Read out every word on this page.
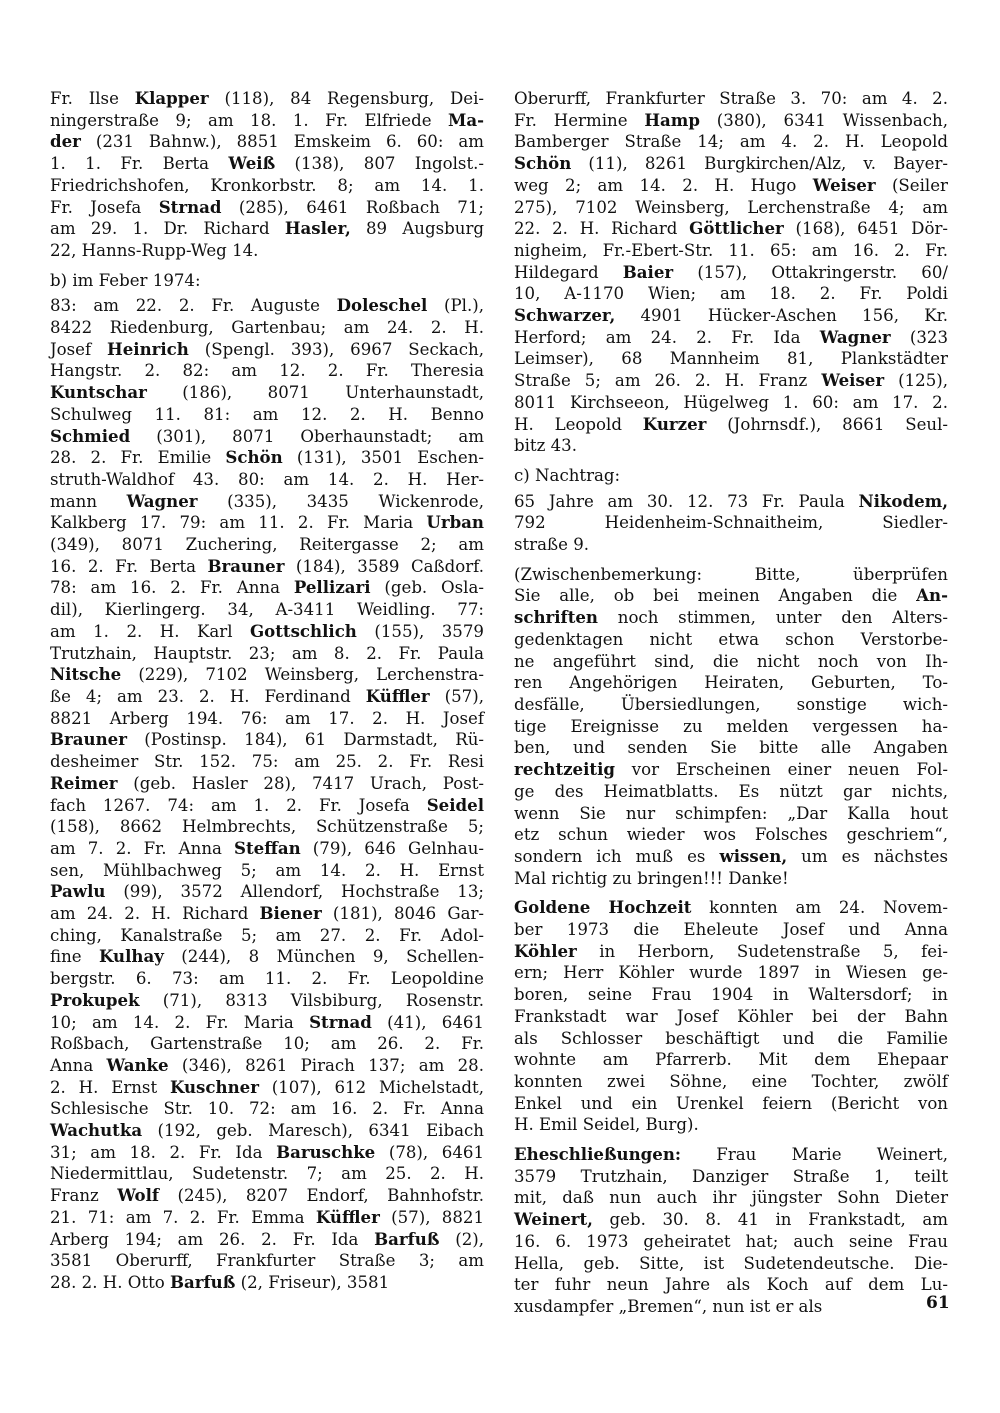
Fr. Ilse Klapper (118), 84 Regensburg, Dei-
ningerstraße 9; am 18. 1. Fr. Elfriede Ma-
der (231 Bahnw.), 8851 Emskeim 6. 60: am
1. 1. Fr. Berta Weiß (138), 807 Ingolst.-
Friedrichshofen, Kronkorbstr. 8; am 14. 1.
Fr. Josefa Strnad (285), 6461 Roßbach 71;
am 29. 1. Dr. Richard Hasler, 89 Augsburg
22, Hanns-Rupp-Weg 14.

b) im Feber 1974:

83: am 22. 2. Fr. Auguste Doleschel (Pl.),
8422 Riedenburg, Gartenbau; am 24. 2. H.
Josef Heinrich (Spengl. 393), 6967 Seckach,
Hangstr. 2. 82: am 12. 2. Fr. Theresia
Kuntschar (186), 8071 Unterhaunstadt,
Schulweg 11. 81: am 12. 2. H. Benno
Schmied (301), 8071 Oberhaunstadt; am
28. 2. Fr. Emilie Schön (131), 3501 Eschen-
struth-Waldhof 43. 80: am 14. 2. H. Her-
mann Wagner (335), 3435 Wickenrode,
Kalkberg 17. 79: am 11. 2. Fr. Maria Urban
(349), 8071 Zuchering, Reitergasse 2; am
16. 2. Fr. Berta Brauner (184), 3589 Caßdorf.
78: am 16. 2. Fr. Anna Pellizari (geb. Osla-
dil), Kierlingerg. 34, A-3411 Weidling. 77:
am 1. 2. H. Karl Gottschlich (155), 3579
Trutzhain, Hauptstr. 23; am 8. 2. Fr. Paula
Nitsche (229), 7102 Weinsberg, Lerchenstra-
ße 4; am 23. 2. H. Ferdinand Küffler (57),
8821 Arberg 194. 76: am 17. 2. H. Josef
Brauner (Postinsp. 184), 61 Darmstadt, Rü-
desheimer Str. 152. 75: am 25. 2. Fr. Resi
Reimer (geb. Hasler 28), 7417 Urach, Post-
fach 1267. 74: am 1. 2. Fr. Josefa Seidel
(158), 8662 Helmbrechts, Schützenstraße 5;
am 7. 2. Fr. Anna Steffan (79), 646 Gelnhau-
sen, Mühlbachweg 5; am 14. 2. H. Ernst
Pawlu (99), 3572 Allendorf, Hochstraße 13;
am 24. 2. H. Richard Biener (181), 8046 Gar-
ching, Kanalstraße 5; am 27. 2. Fr. Adol-
fine Kulhay (244), 8 München 9, Schellen-
bergstr. 6. 73: am 11. 2. Fr. Leopoldine
Prokupek (71), 8313 Vilsbiburg, Rosenstr.
10; am 14. 2. Fr. Maria Strnad (41), 6461
Roßbach, Gartenstraße 10; am 26. 2. Fr.
Anna Wanke (346), 8261 Pirach 137; am 28.
2. H. Ernst Kuschner (107), 612 Michelstadt,
Schlesische Str. 10. 72: am 16. 2. Fr. Anna
Wachutka (192, geb. Maresch), 6341 Eibach
31; am 18. 2. Fr. Ida Baruschke (78), 6461
Niedermittlau, Sudetenstr. 7; am 25. 2. H.
Franz Wolf (245), 8207 Endorf, Bahnhofstr.
21. 71: am 7. 2. Fr. Emma Küffler (57), 8821
Arberg 194; am 26. 2. Fr. Ida Barfuß (2),
3581 Oberurff, Frankfurter Straße 3; am
28. 2. H. Otto Barfuß (2, Friseur), 3581

Oberurff, Frankfurter Straße 3. 70: am 4. 2.
Fr. Hermine Hamp (380), 6341 Wissenbach,
Bamberger Straße 14; am 4. 2. H. Leopold
Schön (11), 8261 Burgkirchen/Alz, v. Bayer-
weg 2; am 14. 2. H. Hugo Weiser (Seiler
275), 7102 Weinsberg, Lerchenstraße 4; am
22. 2. H. Richard Göttlicher (168), 6451 Dör-
nigheim, Fr.-Ebert-Str. 11. 65: am 16. 2. Fr.
Hildegard Baier (157), Ottakringerstr. 60/
10, A-1170 Wien; am 18. 2. Fr. Poldi
Schwarzer, 4901 Hücker-Aschen 156, Kr.
Herford; am 24. 2. Fr. Ida Wagner (323
Leimser), 68 Mannheim 81, Plankstädter
Straße 5; am 26. 2. H. Franz Weiser (125),
8011 Kirchseeon, Hügelweg 1. 60: am 17. 2.
H. Leopold Kurzer (Johrnsdf.), 8661 Seul-
bitz 43.

c) Nachtrag:

65 Jahre am 30. 12. 73 Fr. Paula Nikodem,
792 Heidenheim-Schnaitheim, Siedler-
straße 9.

(Zwischenbemerkung: Bitte, überprüfen
Sie alle, ob bei meinen Angaben die An-
schriften noch stimmen, unter den Alters-
gedenktagen nicht etwa schon Verstorbe-
ne angeführt sind, die nicht noch von Ih-
ren Angehörigen Heiraten, Geburten, To-
desfälle, Übersiedlungen, sonstige wich-
tige Ereignisse zu melden vergessen ha-
ben, und senden Sie bitte alle Angaben
rechtzeitig vor Erscheinen einer neuen Fol-
ge des Heimatblatts. Es nützt gar nichts,
wenn Sie nur schimpfen: „Dar Kalla hout
etz schun wieder wos Folsches geschriem“,
sondern ich muß es wissen, um es nächstes
Mal richtig zu bringen!!! Danke!

Goldene Hochzeit konnten am 24. Novem-
ber 1973 die Eheleute Josef und Anna
Köhler in Herborn, Sudetenstraße 5, fei-
ern; Herr Köhler wurde 1897 in Wiesen ge-
boren, seine Frau 1904 in Waltersdorf; in
Frankstadt war Josef Köhler bei der Bahn
als Schlosser beschäftigt und die Familie
wohnte am Pfarrerb. Mit dem Ehepaar
konnten zwei Söhne, eine Tochter, zwölf
Enkel und ein Urenkel feiern (Bericht von
H. Emil Seidel, Burg).

Eheschließungen: Frau Marie Weinert,
3579 Trutzhain, Danziger Straße 1, teilt
mit, daß nun auch ihr jüngster Sohn Dieter
Weinert, geb. 30. 8. 41 in Frankstadt, am
16. 6. 1973 geheiratet hat; auch seine Frau
Hella, geb. Sitte, ist Sudetendeutsche. Die-
ter fuhr neun Jahre als Koch auf dem Lu-
xusdampfer „Bremen“, nun ist er als	61
